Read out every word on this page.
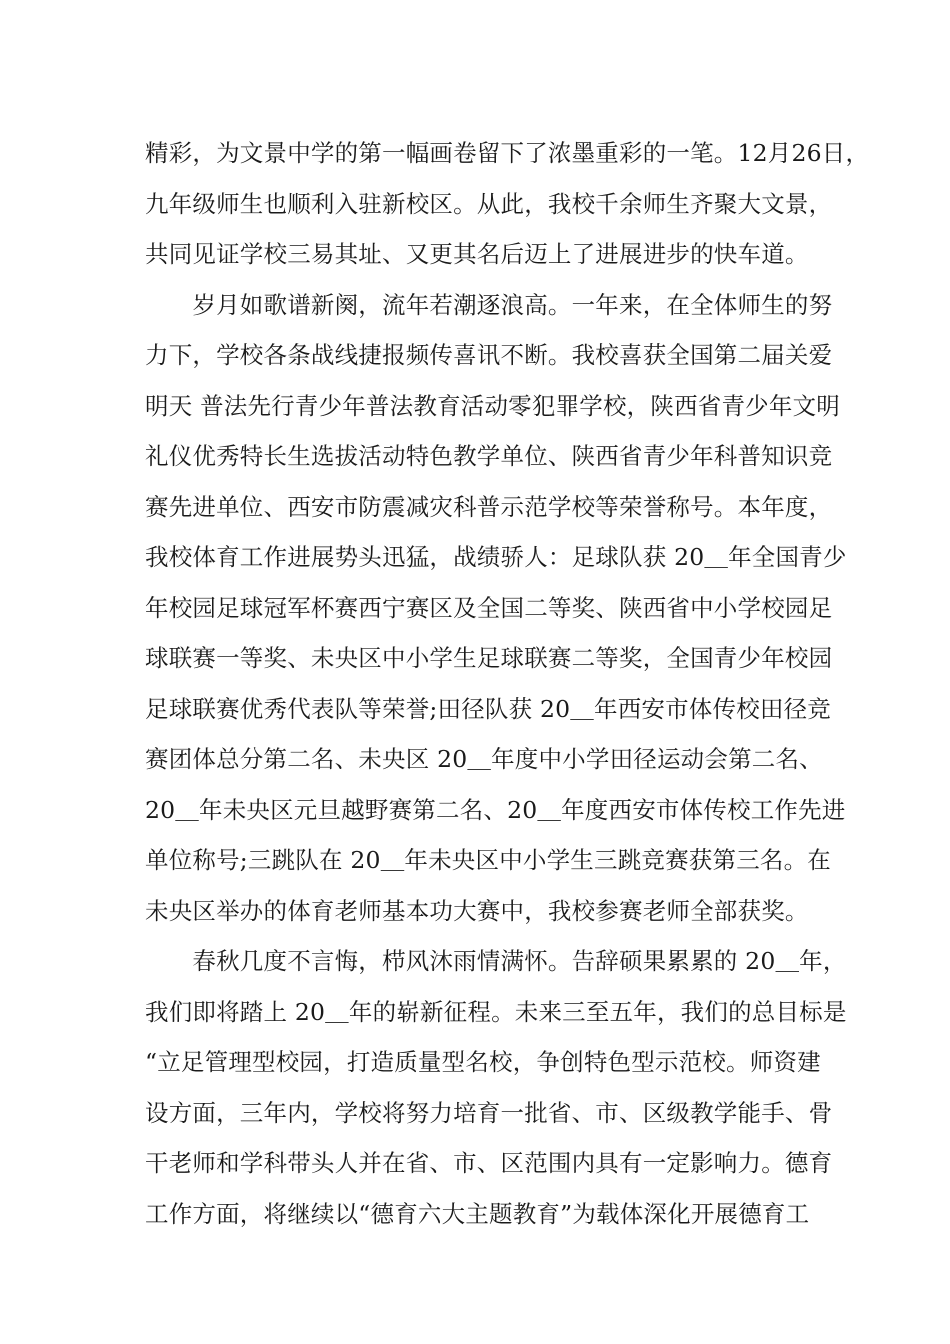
精彩，为文景中学的第一幅画卷留下了浓墨重彩的一笔。12月26日，
九年级师生也顺利入驻新校区。从此，我校千余师生齐聚大文景，
共同见证学校三易其址、又更其名后迈上了进展进步的快车道。
　　岁月如歌谱新阕，流年若潮逐浪高。一年来，在全体师生的努
力下，学校各条战线捷报频传喜讯不断。我校喜获全国第二届关爱
明天 普法先行青少年普法教育活动零犯罪学校，陕西省青少年文明
礼仪优秀特长生选拔活动特色教学单位、陕西省青少年科普知识竞
赛先进单位、西安市防震减灾科普示范学校等荣誉称号。本年度，
我校体育工作进展势头迅猛，战绩骄人：足球队获 20＿年全国青少
年校园足球冠军杯赛西宁赛区及全国二等奖、陕西省中小学校园足
球联赛一等奖、未央区中小学生足球联赛二等奖，全国青少年校园
足球联赛优秀代表队等荣誉;田径队获 20＿年西安市体传校田径竞
赛团体总分第二名、未央区 20＿年度中小学田径运动会第二名、
20＿年未央区元旦越野赛第二名、20＿年度西安市体传校工作先进
单位称号;三跳队在 20＿年未央区中小学生三跳竞赛获第三名。在
未央区举办的体育老师基本功大赛中，我校参赛老师全部获奖。
　　春秋几度不言悔，栉风沐雨情满怀。告辞硕果累累的 20＿年，
我们即将踏上 20＿年的崭新征程。未来三至五年，我们的总目标是
“立足管理型校园，打造质量型名校，争创特色型示范校。师资建
设方面，三年内，学校将努力培育一批省、市、区级教学能手、骨
干老师和学科带头人并在省、市、区范围内具有一定影响力。德育
工作方面，将继续以“德育六大主题教育”为载体深化开展德育工
